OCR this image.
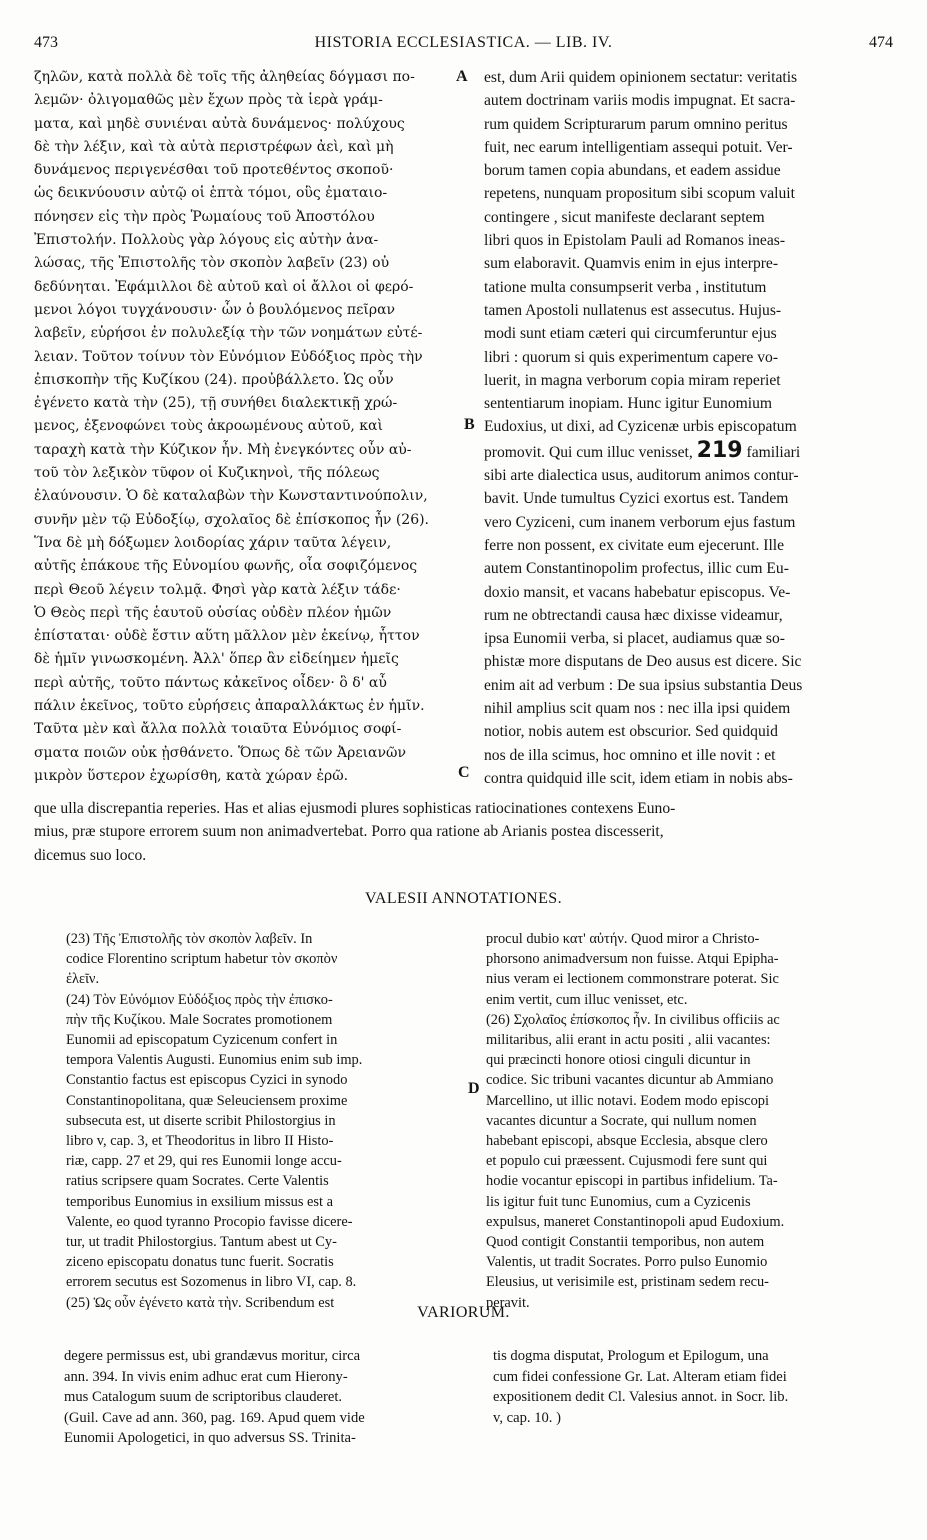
473	HISTORIA ECCLESIASTICA. — LIB. IV.	474
ζηλῶν, κατὰ πολλὰ δὲ τοῖς τῆς ἀληθείας δόγμασι πο-
λεμῶν· ὀλιγομαθῶς μὲν ἔχων πρὸς τὰ ἱερὰ γράμ-
ματα, καὶ μηδὲ συνιέναι αὐτὰ δυνάμενος· πολύχους
δὲ τὴν λέξιν, καὶ τὰ αὐτὰ περιστρέφων ἀεὶ, καὶ μὴ
δυνάμενος περιγενέσθαι τοῦ προτεθέντος σκοποῦ·
ὡς δεικνύουσιν αὐτῷ οἱ ἑπτὰ τόμοι, οὓς ἐματαιο-
πόνησεν εἰς τὴν πρὸς Ῥωμαίους τοῦ Ἀποστόλου
Ἐπιστολήν. Πολλοὺς γὰρ λόγους εἰς αὐτὴν ἀνα-
λώσας, τῆς Ἐπιστολῆς τὸν σκοπὸν λαβεῖν (23) οὐ
δεδύνηται. Ἐφάμιλλοι δὲ αὐτοῦ καὶ οἱ ἄλλοι οἱ φερό-
μενοι λόγοι τυγχάνουσιν· ὧν ὁ βουλόμενος πεῖραν
λαβεῖν, εὑρήσοι ἐν πολυλεξίᾳ τὴν τῶν νοημάτων εὐτέ-
λειαν. Τοῦτον τοίνυν τὸν Εὐνόμιον Εὐδόξιος πρὸς τὴν
ἐπισκοπὴν τῆς Κυζίκου (24). προὐβάλλετο. Ὡς οὖν
ἐγένετο κατὰ τὴν (25), τῇ συνήθει διαλεκτικῇ χρώ-
μενος, ἐξενοφώνει τοὺς ἀκροωμένους αὐτοῦ, καὶ
ταραχὴ κατὰ τὴν Κύζικον ἦν. Μὴ ἐνεγκόντες οὖν αὐ-
τοῦ τὸν λεξικὸν τῦφον οἱ Κυζικηνοὶ, τῆς πόλεως
ἐλαύνουσιν. Ὁ δὲ καταλαβὼν τὴν Κωνσταντινούπολιν,
συνῆν μὲν τῷ Εὐδοξίῳ, σχολαῖος δὲ ἐπίσκοπος ἦν (26).
Ἵνα δὲ μὴ δόξωμεν λοιδορίας χάριν ταῦτα λέγειν,
αὐτῆς ἐπάκουε τῆς Εὐνομίου φωνῆς, οἷα σοφιζόμενος
περὶ Θεοῦ λέγειν τολμᾷ. Φησὶ γὰρ κατὰ λέξιν τάδε·
Ὁ Θεὸς περὶ τῆς ἑαυτοῦ οὐσίας οὐδὲν πλέον ἡμῶν
ἐπίσταται· οὐδὲ ἔστιν αὕτη μᾶλλον μὲν ἐκείνῳ, ἧττον
δὲ ἡμῖν γινωσκομένη. Ἀλλ' ὅπερ ἂν εἰδείημεν ἡμεῖς
περὶ αὐτῆς, τοῦτο πάντως κἀκεῖνος οἶδεν· ὃ δ' αὖ
πάλιν ἐκεῖνος, τοῦτο εὑρήσεις ἀπαραλλάκτως ἐν ἡμῖν.
Ταῦτα μὲν καὶ ἄλλα πολλὰ τοιαῦτα Εὐνόμιος σοφί-
σματα ποιῶν οὐκ ᾐσθάνετο. Ὅπως δὲ τῶν Ἀρειανῶν
μικρὸν ὕστερον ἐχωρίσθη, κατὰ χώραν ἐρῶ.
A
B
C
D
est, dum Arii quidem opinionem sectatur: veritatis
autem doctrinam variis modis impugnat. Et sacra-
rum quidem Scripturarum parum omnino peritus
fuit, nec earum intelligentiam assequi potuit. Ver-
borum tamen copia abundans, et eadem assidue
repetens, nunquam propositum sibi scopum valuit
contingere , sicut manifeste declarant septem
libri quos in Epistolam Pauli ad Romanos ineas-
sum elaboravit. Quamvis enim in ejus interpre-
tatione multa consumpserit verba , institutum
tamen Apostoli nullatenus est assecutus. Hujus-
modi sunt etiam cæteri qui circumferuntur ejus
libri : quorum si quis experimentum capere vo-
luerit, in magna verborum copia miram reperiet
sententiarum inopiam. Hunc igitur Eunomium
Eudoxius, ut dixi, ad Cyzicenæ urbis episcopatum
promovit. Qui cum illuc venisset, 219 familiari
sibi arte dialectica usus, auditorum animos contur-
bavit. Unde tumultus Cyzici exortus est. Tandem
vero Cyziceni, cum inanem verborum ejus fastum
ferre non possent, ex civitate eum ejecerunt. Ille
autem Constantinopolim profectus, illic cum Eu-
doxio mansit, et vacans habebatur episcopus. Ve-
rum ne obtrectandi causa hæc dixisse videamur,
ipsa Eunomii verba, si placet, audiamus quæ so-
phistæ more disputans de Deo ausus est dicere. Sic
enim ait ad verbum : De sua ipsius substantia Deus
nihil amplius scit quam nos : nec illa ipsi quidem
notior, nobis autem est obscurior. Sed quidquid
nos de illa scimus, hoc omnino et ille novit : et
contra quidquid ille scit, idem etiam in nobis abs-
que ulla discrepantia reperies. Has et alias ejusmodi plures sophisticas ratiocinationes contexens Euno-
mius, præ stupore errorem suum non animadvertebat. Porro qua ratione ab Arianis postea discesserit,
dicemus suo loco.
VALESII ANNOTATIONES.
(23) Τῆς Ἐπιστολῆς τὸν σκοπὸν λαβεῖν. In
codice Florentino scriptum habetur τὸν σκοπὸν
ἐλεῖν.
(24) Τὸν Εὐνόμιον Εὐδόξιος πρὸς τὴν ἐπισκο-
πὴν τῆς Κυζίκου. Male Socrates promotionem
Eunomii ad episcopatum Cyzicenum confert in
tempora Valentis Augusti. Eunomius enim sub imp.
Constantio factus est episcopus Cyzici in synodo
Constantinopolitana, quæ Seleuciensem proxime
subsecuta est, ut diserte scribit Philostorgius in
libro v, cap. 3, et Theodoritus in libro II Histo-
riæ, capp. 27 et 29, qui res Eunomii longe accu-
ratius scripsere quam Socrates. Certe Valentis
temporibus Eunomius in exsilium missus est a
Valente, eo quod tyranno Procopio favisse dicere-
tur, ut tradit Philostorgius. Tantum abest ut Cy-
ziceno episcopatu donatus tunc fuerit. Socratis
errorem secutus est Sozomenus in libro VI, cap. 8.
(25) Ὡς οὖν ἐγένετο κατὰ τὴν. Scribendum est
procul dubio κατ' αὐτήν. Quod miror a Christo-
phorsono animadversum non fuisse. Atqui Epipha-
nius veram ei lectionem commonstrare poterat. Sic
enim vertit, cum illuc venisset, etc.
(26) Σχολαῖος ἐπίσκοπος ἦν. In civilibus officiis ac
militaribus, alii erant in actu positi , alii vacantes:
qui præcincti honore otiosi cinguli dicuntur in
codice. Sic tribuni vacantes dicuntur ab Ammiano
Marcellino, ut illic notavi. Eodem modo episcopi
vacantes dicuntur a Socrate, qui nullum nomen
habebant episcopi, absque Ecclesia, absque clero
et populo cui præessent. Cujusmodi fere sunt qui
hodie vocantur episcopi in partibus infidelium. Ta-
lis igitur fuit tunc Eunomius, cum a Cyzicenis
expulsus, maneret Constantinopoli apud Eudoxium.
Quod contigit Constantii temporibus, non autem
Valentis, ut tradit Socrates. Porro pulso Eunomio
Eleusius, ut verisimile est, pristinam sedem recu-
peravit.
VARIORUM.
degere permissus est, ubi grandævus moritur, circa
ann. 394. In vivis enim adhuc erat cum Hierony-
mus Catalogum suum de scriptoribus clauderet.
(Guil. Cave ad ann. 360, pag. 169. Apud quem vide
Eunomii Apologetici, in quo adversus SS. Trinita-
tis dogma disputat, Prologum et Epilogum, una
cum fidei confessione Gr. Lat. Alteram etiam fidei
expositionem dedit Cl. Valesius annot. in Socr. lib.
v, cap. 10. )
